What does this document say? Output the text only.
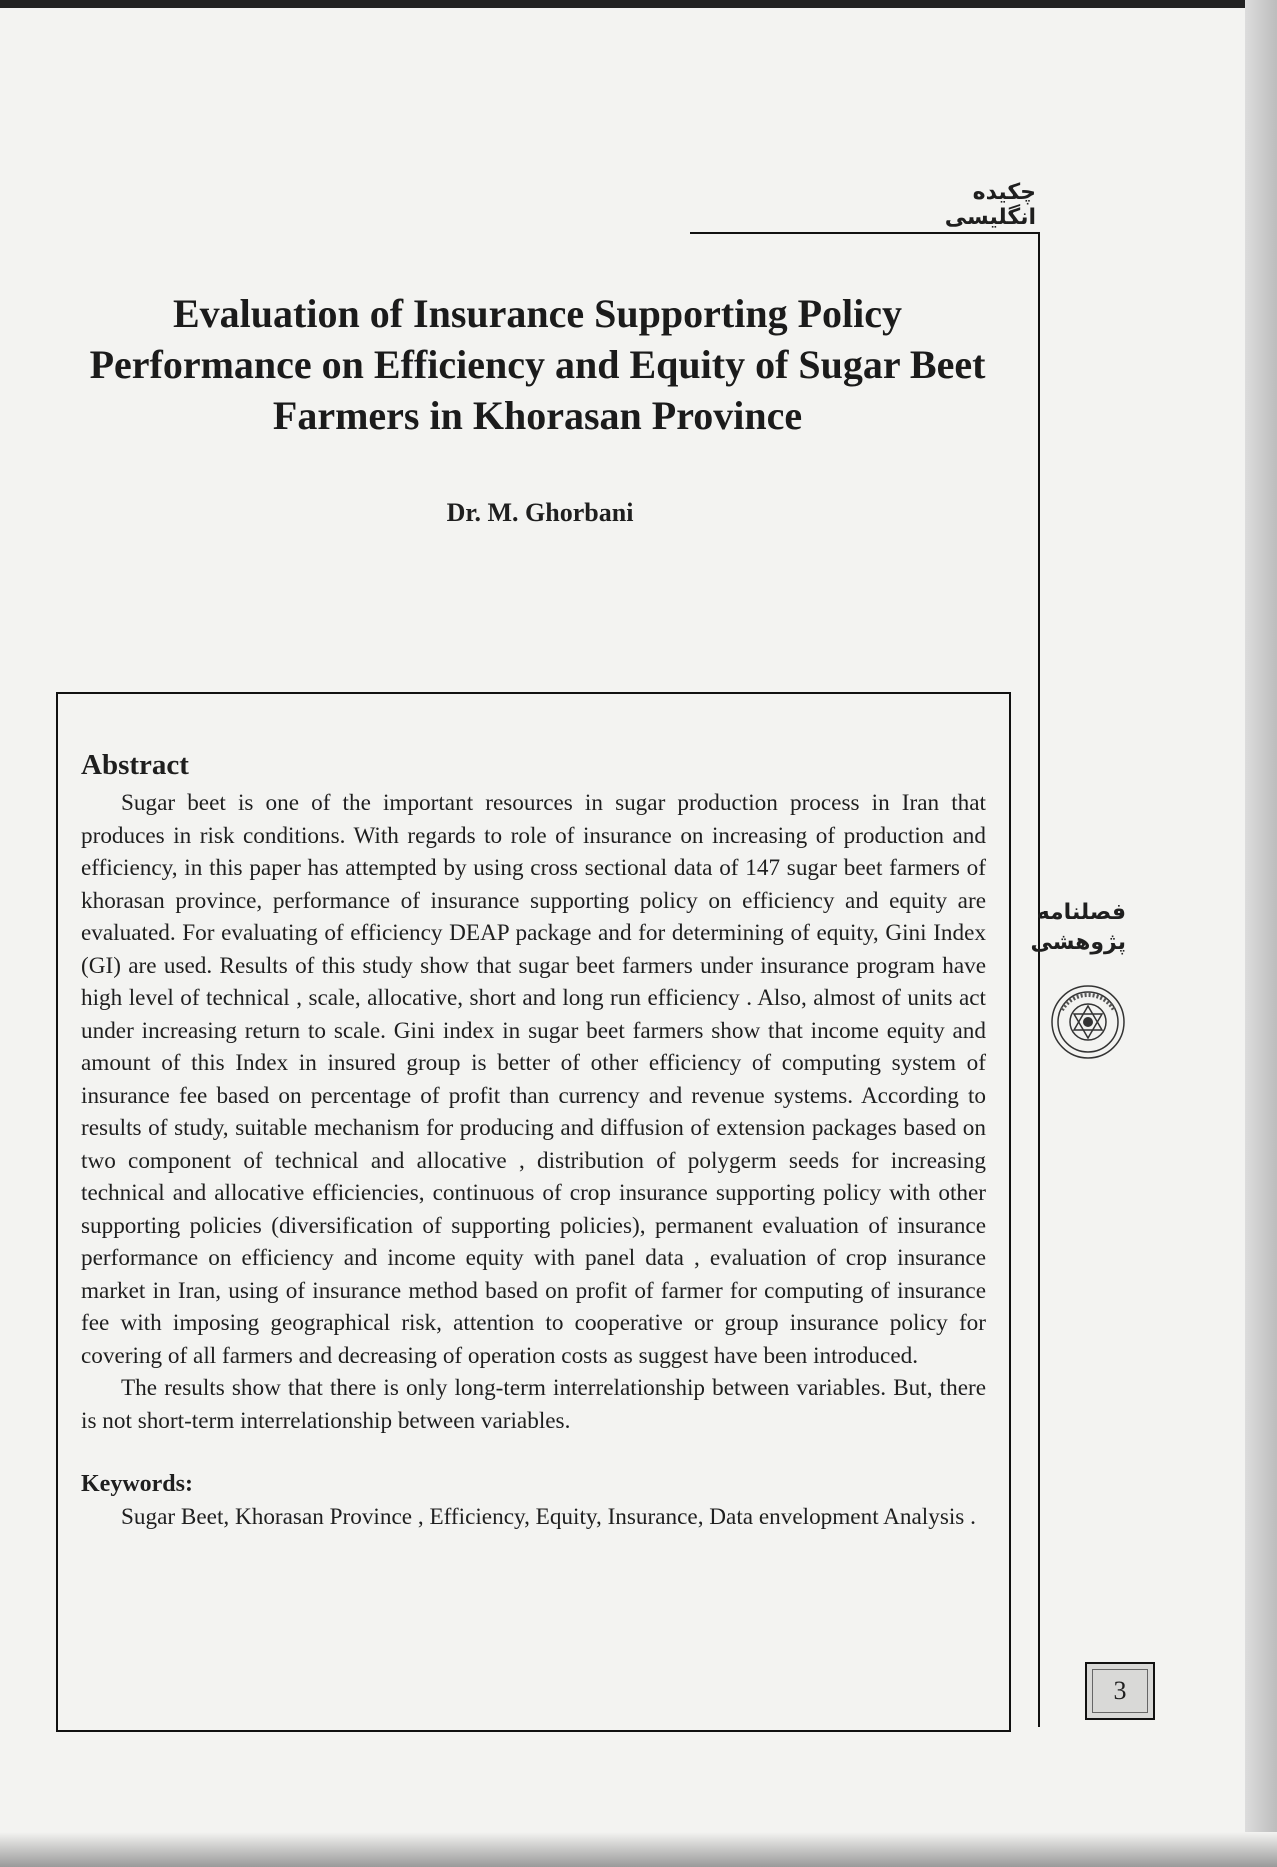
چکیده انگلیسی
Evaluation of Insurance Supporting Policy Performance on Efficiency and Equity of Sugar Beet Farmers in Khorasan Province

Dr. M. Ghorbani

Abstract

Sugar beet is one of the important resources in sugar production process in Iran that produces in risk conditions. With regards to role of insurance on increasing of production and efficiency, in this paper has attempted by using cross sectional data of 147 sugar beet farmers of khorasan province, performance of insurance supporting policy on efficiency and equity are evaluated. For evaluating of efficiency DEAP package and for determining of equity, Gini Index (GI) are used. Results of this study show that sugar beet farmers under insurance program have high level of technical , scale, allocative, short and long run efficiency . Also, almost of units act under increasing return to scale. Gini index in sugar beet farmers show that income equity and amount of this Index in insured group is better of other efficiency of computing system of insurance fee based on percentage of profit than currency and revenue systems. According to results of study, suitable mechanism for producing and diffusion of extension packages based on two component of technical and allocative , distribution of polygerm seeds for increasing technical and allocative efficiencies, continuous of crop insurance supporting policy with other supporting policies (diversification of supporting policies), permanent evaluation of insurance performance on efficiency and income equity with panel data , evaluation of crop insurance market in Iran, using of insurance method based on profit of farmer for computing of insurance fee with imposing geographical risk, attention to cooperative or group insurance policy for covering of all farmers and decreasing of operation costs as suggest have been introduced.

The results show that there is only long-term interrelationship between variables. But, there is not short-term interrelationship between variables.

Keywords:

Sugar Beet, Khorasan Province , Efficiency, Equity, Insurance, Data envelopment Analysis .

فصلنامه
پژوهشی
3
